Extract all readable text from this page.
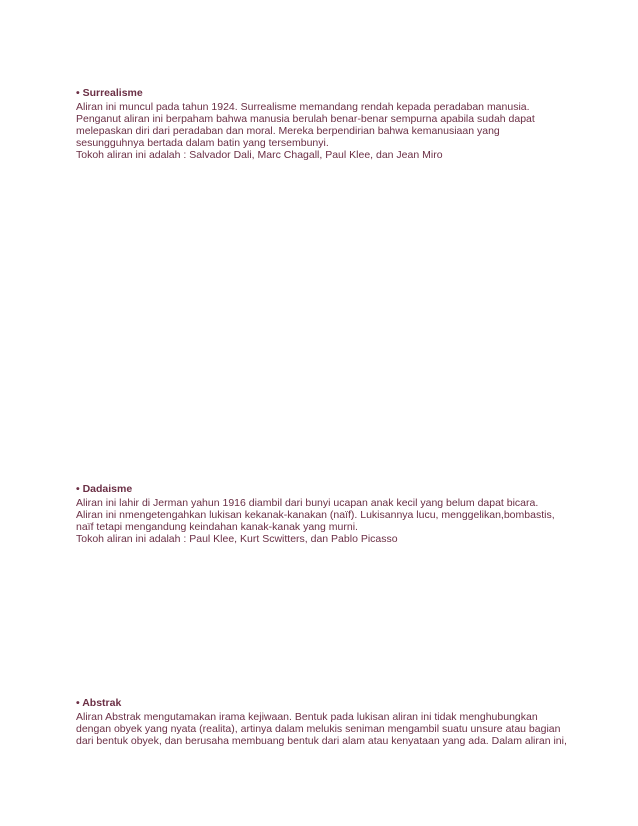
• Surrealisme
Aliran ini muncul pada tahun 1924. Surrealisme memandang rendah kepada peradaban manusia.
Penganut aliran ini berpaham bahwa manusia berulah benar-benar sempurna apabila sudah dapat
melepaskan diri dari peradaban dan moral. Mereka berpendirian bahwa kemanusiaan yang
sesungguhnya bertada dalam batin yang tersembunyi.
Tokoh aliran ini adalah : Salvador Dali, Marc Chagall, Paul Klee, dan Jean Miro
• Dadaisme
Aliran ini lahir di Jerman yahun 1916 diambil dari bunyi ucapan anak kecil yang belum dapat bicara.
Aliran ini nmengetengahkan lukisan kekanak-kanakan (naïf). Lukisannya lucu, menggelikan,bombastis,
naïf tetapi mengandung keindahan kanak-kanak yang murni.
Tokoh aliran ini adalah : Paul Klee, Kurt Scwitters, dan Pablo Picasso
• Abstrak
Aliran Abstrak mengutamakan irama kejiwaan. Bentuk pada lukisan aliran ini tidak menghubungkan
dengan obyek yang nyata (realita), artinya dalam melukis seniman mengambil suatu unsure atau bagian
dari bentuk obyek, dan berusaha membuang bentuk dari alam atau kenyataan yang ada. Dalam aliran ini,
